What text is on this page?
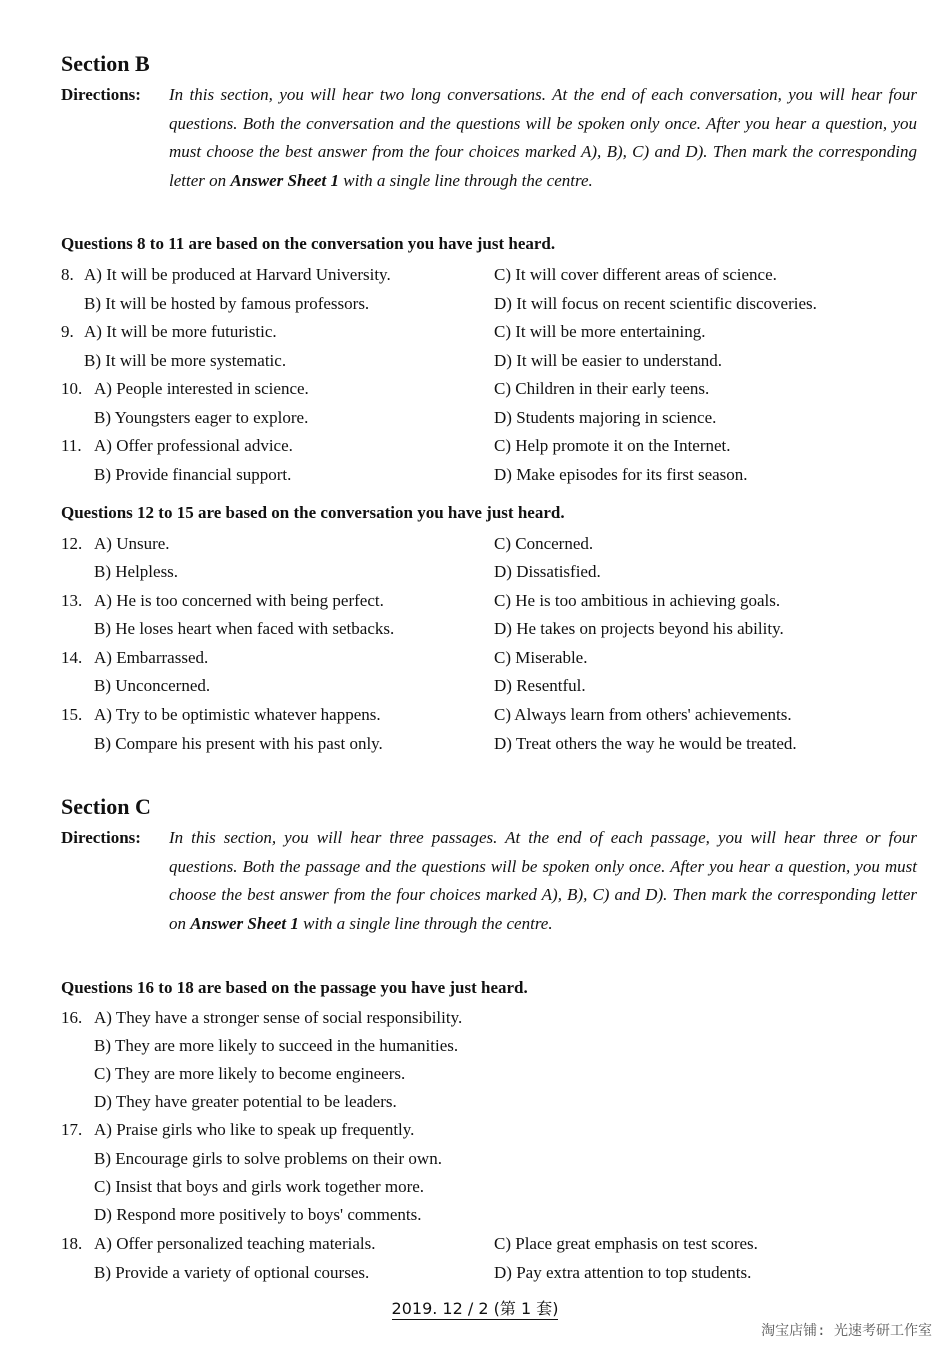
Section B
Directions: In this section, you will hear two long conversations. At the end of each conversation, you will hear four questions. Both the conversation and the questions will be spoken only once. After you hear a question, you must choose the best answer from the four choices marked A), B), C) and D). Then mark the corresponding letter on Answer Sheet 1 with a single line through the centre.
Questions 8 to 11 are based on the conversation you have just heard.
8. A) It will be produced at Harvard University.	C) It will cover different areas of science.
B) It will be hosted by famous professors.	D) It will focus on recent scientific discoveries.
9. A) It will be more futuristic.	C) It will be more entertaining.
B) It will be more systematic.	D) It will be easier to understand.
10. A) People interested in science.	C) Children in their early teens.
B) Youngsters eager to explore.	D) Students majoring in science.
11. A) Offer professional advice.	C) Help promote it on the Internet.
B) Provide financial support.	D) Make episodes for its first season.
Questions 12 to 15 are based on the conversation you have just heard.
12. A) Unsure.	C) Concerned.
B) Helpless.	D) Dissatisfied.
13. A) He is too concerned with being perfect.	C) He is too ambitious in achieving goals.
B) He loses heart when faced with setbacks.	D) He takes on projects beyond his ability.
14. A) Embarrassed.	C) Miserable.
B) Unconcerned.	D) Resentful.
15. A) Try to be optimistic whatever happens.	C) Always learn from others' achievements.
B) Compare his present with his past only.	D) Treat others the way he would be treated.
Section C
Directions: In this section, you will hear three passages. At the end of each passage, you will hear three or four questions. Both the passage and the questions will be spoken only once. After you hear a question, you must choose the best answer from the four choices marked A), B), C) and D). Then mark the corresponding letter on Answer Sheet 1 with a single line through the centre.
Questions 16 to 18 are based on the passage you have just heard.
16. A) They have a stronger sense of social responsibility.
B) They are more likely to succeed in the humanities.
C) They are more likely to become engineers.
D) They have greater potential to be leaders.
17. A) Praise girls who like to speak up frequently.
B) Encourage girls to solve problems on their own.
C) Insist that boys and girls work together more.
D) Respond more positively to boys' comments.
18. A) Offer personalized teaching materials.	C) Place great emphasis on test scores.
B) Provide a variety of optional courses.	D) Pay extra attention to top students.
2019. 12 / 2 (第 1 套)
淘宝店铺: 光速考研工作室
